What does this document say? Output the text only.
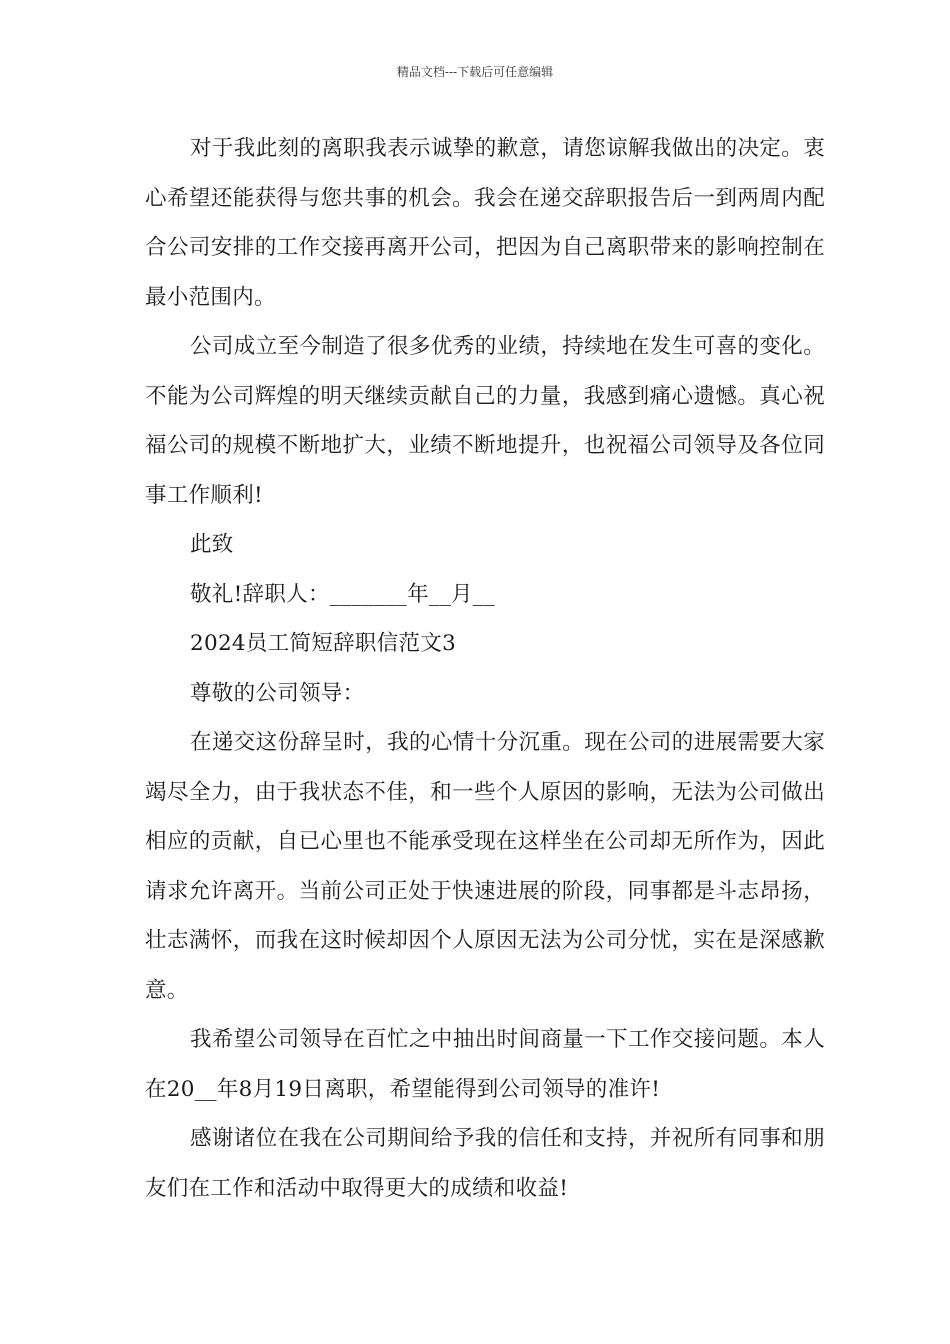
精品文档---下载后可任意编辑

对于我此刻的离职我表示诚挚的歉意，请您谅解我做出的决定。衷心希望还能获得与您共事的机会。我会在递交辞职报告后一到两周内配合公司安排的工作交接再离开公司，把因为自己离职带来的影响控制在最小范围内。

公司成立至今制造了很多优秀的业绩，持续地在发生可喜的变化。不能为公司辉煌的明天继续贡献自己的力量，我感到痛心遗憾。真心祝福公司的规模不断地扩大，业绩不断地提升，也祝福公司领导及各位同事工作顺利!

此致

敬礼!辞职人：_______年__月__

2024员工简短辞职信范文3

尊敬的公司领导：

在递交这份辞呈时，我的心情十分沉重。现在公司的进展需要大家竭尽全力，由于我状态不佳，和一些个人原因的影响，无法为公司做出相应的贡献，自已心里也不能承受现在这样坐在公司却无所作为，因此请求允许离开。当前公司正处于快速进展的阶段，同事都是斗志昂扬，壮志满怀，而我在这时候却因个人原因无法为公司分忧，实在是深感歉意。

我希望公司领导在百忙之中抽出时间商量一下工作交接问题。本人在20__年8月19日离职，希望能得到公司领导的准许!

感谢诸位在我在公司期间给予我的信任和支持，并祝所有同事和朋友们在工作和活动中取得更大的成绩和收益!
